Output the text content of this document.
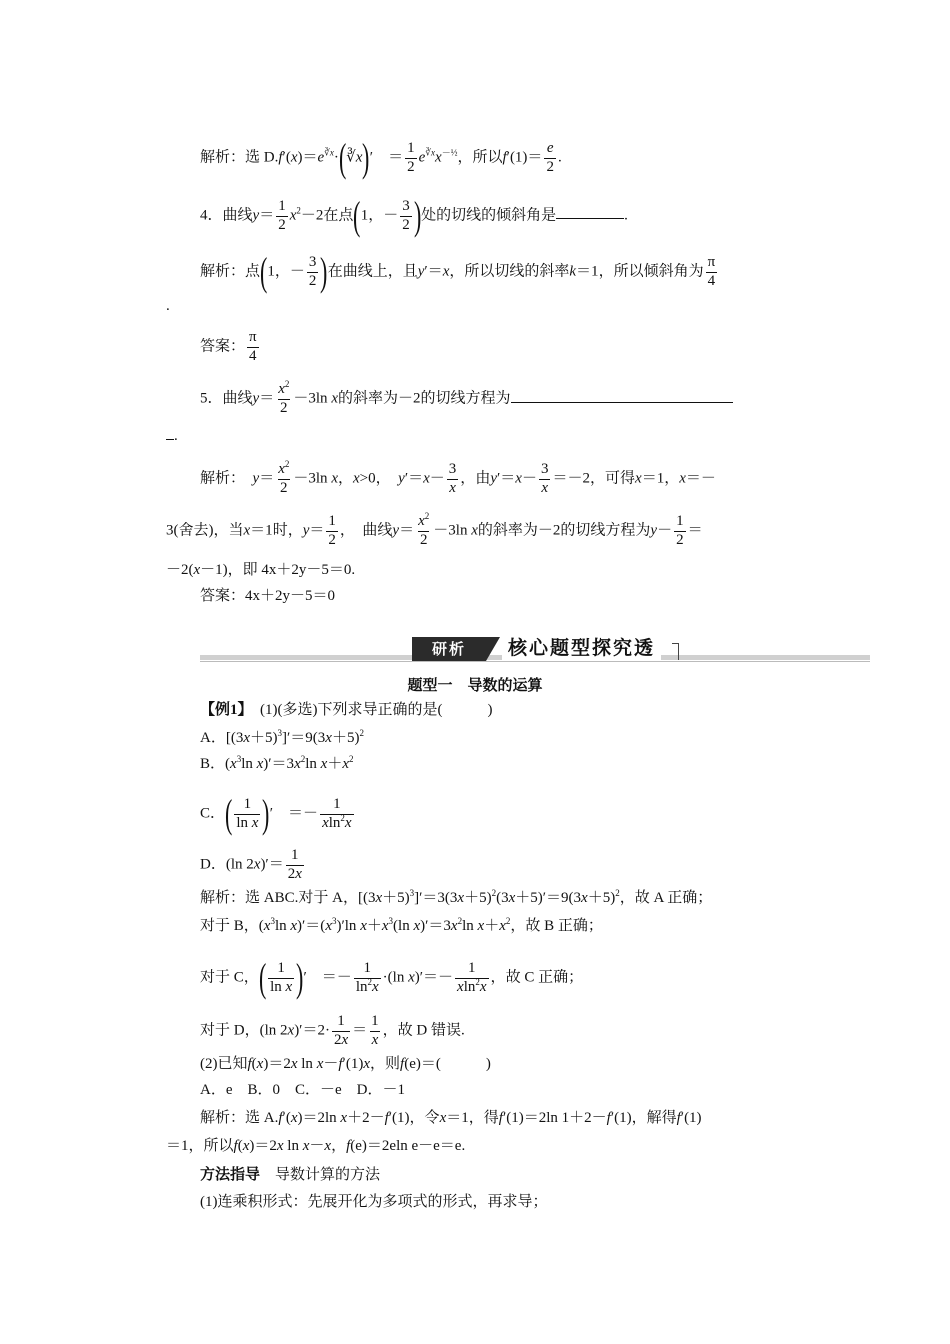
解析：选 $D.f'(x)=e^{∛x}\cdot(∛x)'$　＝ $\frac{1}{2} e^{∛x}x^{-\frac{1}{2}}$，所以$f'(1)= \frac{e}{2}$ .
4．曲线$y= \frac{1}{2} x^2-2$在点(1，－ $\frac{3}{2}$ )处的切线的倾斜角是	.
解析：点(1，－ $\frac{3}{2}$ )在曲线上，且y′＝x，所以切线的斜率k＝1，所以倾斜角为 $\frac{\pi}{4}$
.
答案： $\frac{\pi}{4}$
5．曲线$y= \frac{x^2}{2} -3\ln$ x的斜率为－2的切线方程为
.
解析：　 $y= \frac{x^2}{2} -3\ln$ x，x>0，　$y'=x- \frac{3}{x}$ ，由$y'=x- \frac{3}{x} =-2$，可得x＝1，x＝－
3(舍去)，当x＝1时，$y= \frac{1}{2}$ ，　曲线$y= \frac{x^2}{2} -3\ln$ x的斜率为－2的切线方程为$y- \frac{1}{2}$ ＝
－2(x－1)，即 4x＋2y－5＝0.
答案：4x＋2y－5＝0
研析	核心题型探究透
题型一　导数的运算
【例1】　 (1)(多选)下列求导正确的是(　　　)
A．$[(3x+5)^3]'=9(3x+5)^2$
B．($x^3\ln$ $x)'=3x^2\ln$ $x+x^2$
C．( $\frac{1}{\text{ln x}}$ )′　＝－ $\frac{1}{xln^2x}$
D．(ln $2x)'= \frac{1}{2x}$
解析：选 ABC.对于 A，$[(3x+5)^3]'=3(3x+5)^2(3x+5)'=9(3x+5)^2$，故 A 正确；
对于 B，($x^3\ln$ $x)'=(x^3)'\ln$ $x+x^3(\ln$ $x)'=3x^2\ln$ $x+x^2$，故 B 正确；
对于 C，( $\frac{1}{\text{ln x}}$ )′　＝－ $\frac{1}{\ln^2x} \cdot(\ln$ $x)'=- \frac{1}{xln^2x}$ ，故 C 正确；
对于 D，(ln $2x)'=2\cdot \frac{1}{2x} = \frac{1}{x}$ ，故 D 错误.
(2)已知f(x)＝2x ln x－f′(1)x，则f(e)＝(　　　)
A．e　B．0　C．－e　D．－1
解析：选 A.f′(x)＝2ln x＋2－f′(1)，令x＝1，得f′(1)＝2ln 1＋2－f′(1)，解得f′(1)
＝1，所以f(x)＝2x ln x－x，f(e)＝2eln e－e＝e.
方法指导　 导数计算的方法
(1)连乘积形式：先展开化为多项式的形式，再求导；
